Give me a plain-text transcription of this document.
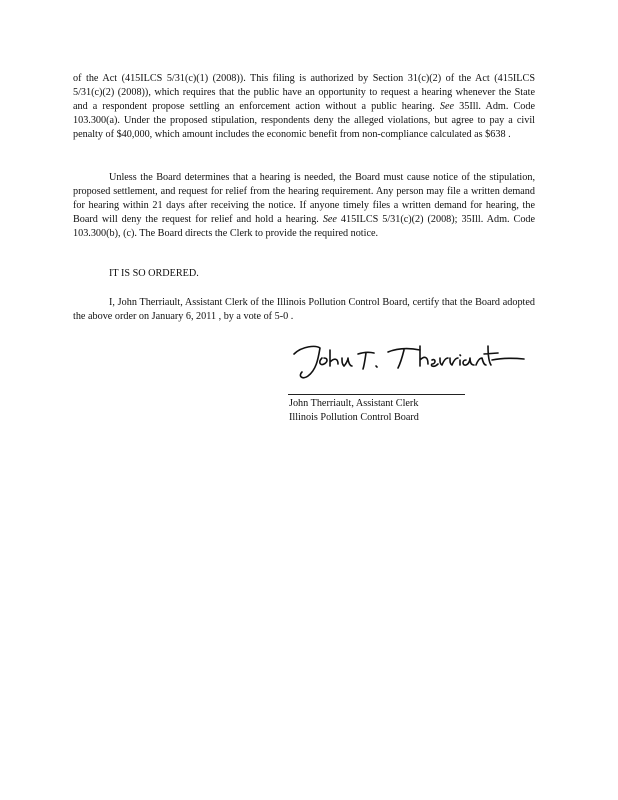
of the Act (415ILCS 5/31(c)(1) (2008)). This filing is authorized by Section 31(c)(2) of the Act (415ILCS 5/31(c)(2) (2008)), which requires that the public have an opportunity to request a hearing whenever the State and a respondent propose settling an enforcement action without a public hearing. See 35Ill. Adm. Code 103.300(a). Under the proposed stipulation, respondents deny the alleged violations, but agree to pay a civil penalty of $40,000, which amount includes the economic benefit from non-compliance calculated as $638 .

Unless the Board determines that a hearing is needed, the Board must cause notice of the stipulation, proposed settlement, and request for relief from the hearing requirement. Any person may file a written demand for hearing within 21 days after receiving the notice. If anyone timely files a written demand for hearing, the Board will deny the request for relief and hold a hearing. See 415ILCS 5/31(c)(2) (2008); 35Ill. Adm. Code 103.300(b), (c). The Board directs the Clerk to provide the required notice.

IT IS SO ORDERED.

I, John Therriault, Assistant Clerk of the Illinois Pollution Control Board, certify that the Board adopted the above order on January 6, 2011 , by a vote of 5-0 .

John Therriault, Assistant Clerk
Illinois Pollution Control Board
